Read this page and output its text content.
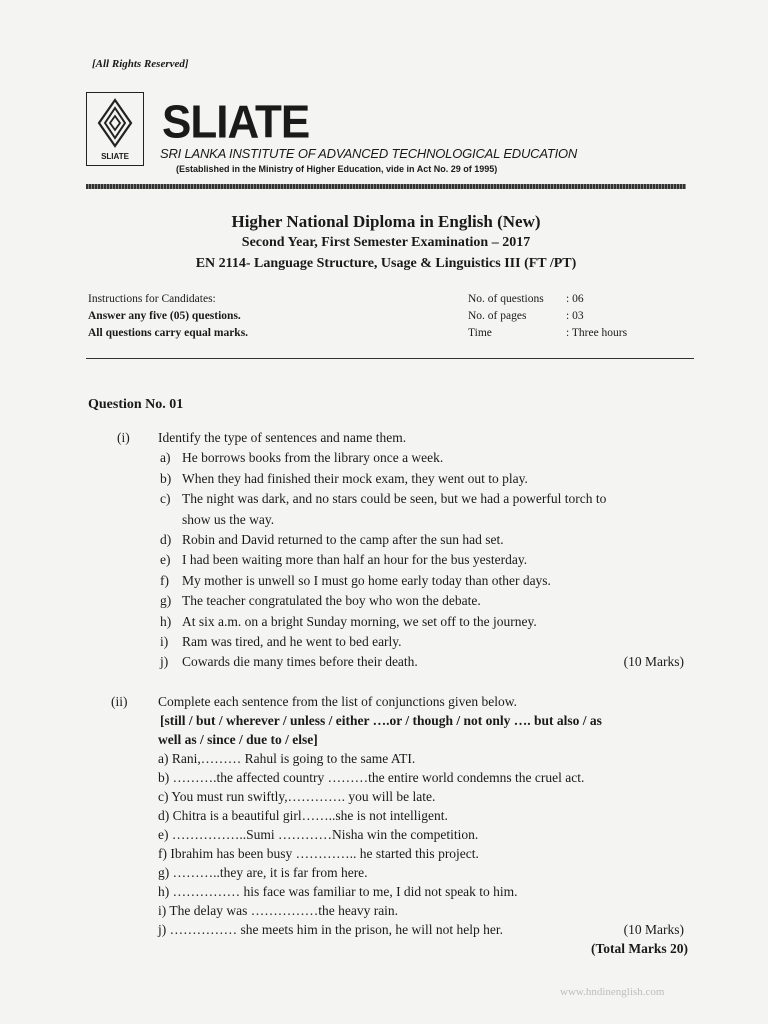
[All Rights Reserved]
SLIATE
SLIATE
SRI LANKA INSTITUTE OF ADVANCED TECHNOLOGICAL EDUCATION
(Established in the Ministry of Higher Education, vide in Act No. 29 of 1995)
Higher National Diploma in English (New)
Second Year, First Semester Examination – 2017
EN 2114- Language Structure, Usage & Linguistics III (FT /PT)
Instructions for Candidates:
Answer any five (05) questions.
All questions carry equal marks.
No. of questions	: 06
No. of pages	: 03
Time	: Three hours
Question No. 01
(i) Identify the type of sentences and name them.
a) He borrows books from the library once a week.
b) When they had finished their mock exam, they went out to play.
c) The night was dark, and no stars could be seen, but we had a powerful torch to
show us the way.
d) Robin and David returned to the camp after the sun had set.
e) I had been waiting more than half an hour for the bus yesterday.
f) My mother is unwell so I must go home early today than other days.
g) The teacher congratulated the boy who won the debate.
h) At six a.m. on a bright Sunday morning, we set off to the journey.
i)	Ram was tired, and he went to bed early.
j)	Cowards die many times before their death.	(10 Marks)
(ii) Complete each sentence from the list of conjunctions given below.
[still / but / wherever / unless / either ….or / though / not only …. but also / as
well as / since / due to / else]
a) Rani,……… Rahul is going to the same ATI.
b) ……….the affected country ………the entire world condemns the cruel act.
c) You must run swiftly,…………. you will be late.
d) Chitra is a beautiful girl……..she is not intelligent.
e) ……………..Sumi …………Nisha win the competition.
f) Ibrahim has been busy ………….. he started this project.
g) ………..they are, it is far from here.
h) …………… his face was familiar to me, I did not speak to him.
i) The delay was ……………the heavy rain.
j) …………… she meets him in the prison, he will not help her.	(10 Marks)
(Total Marks 20)
www.hndinenglish.com
